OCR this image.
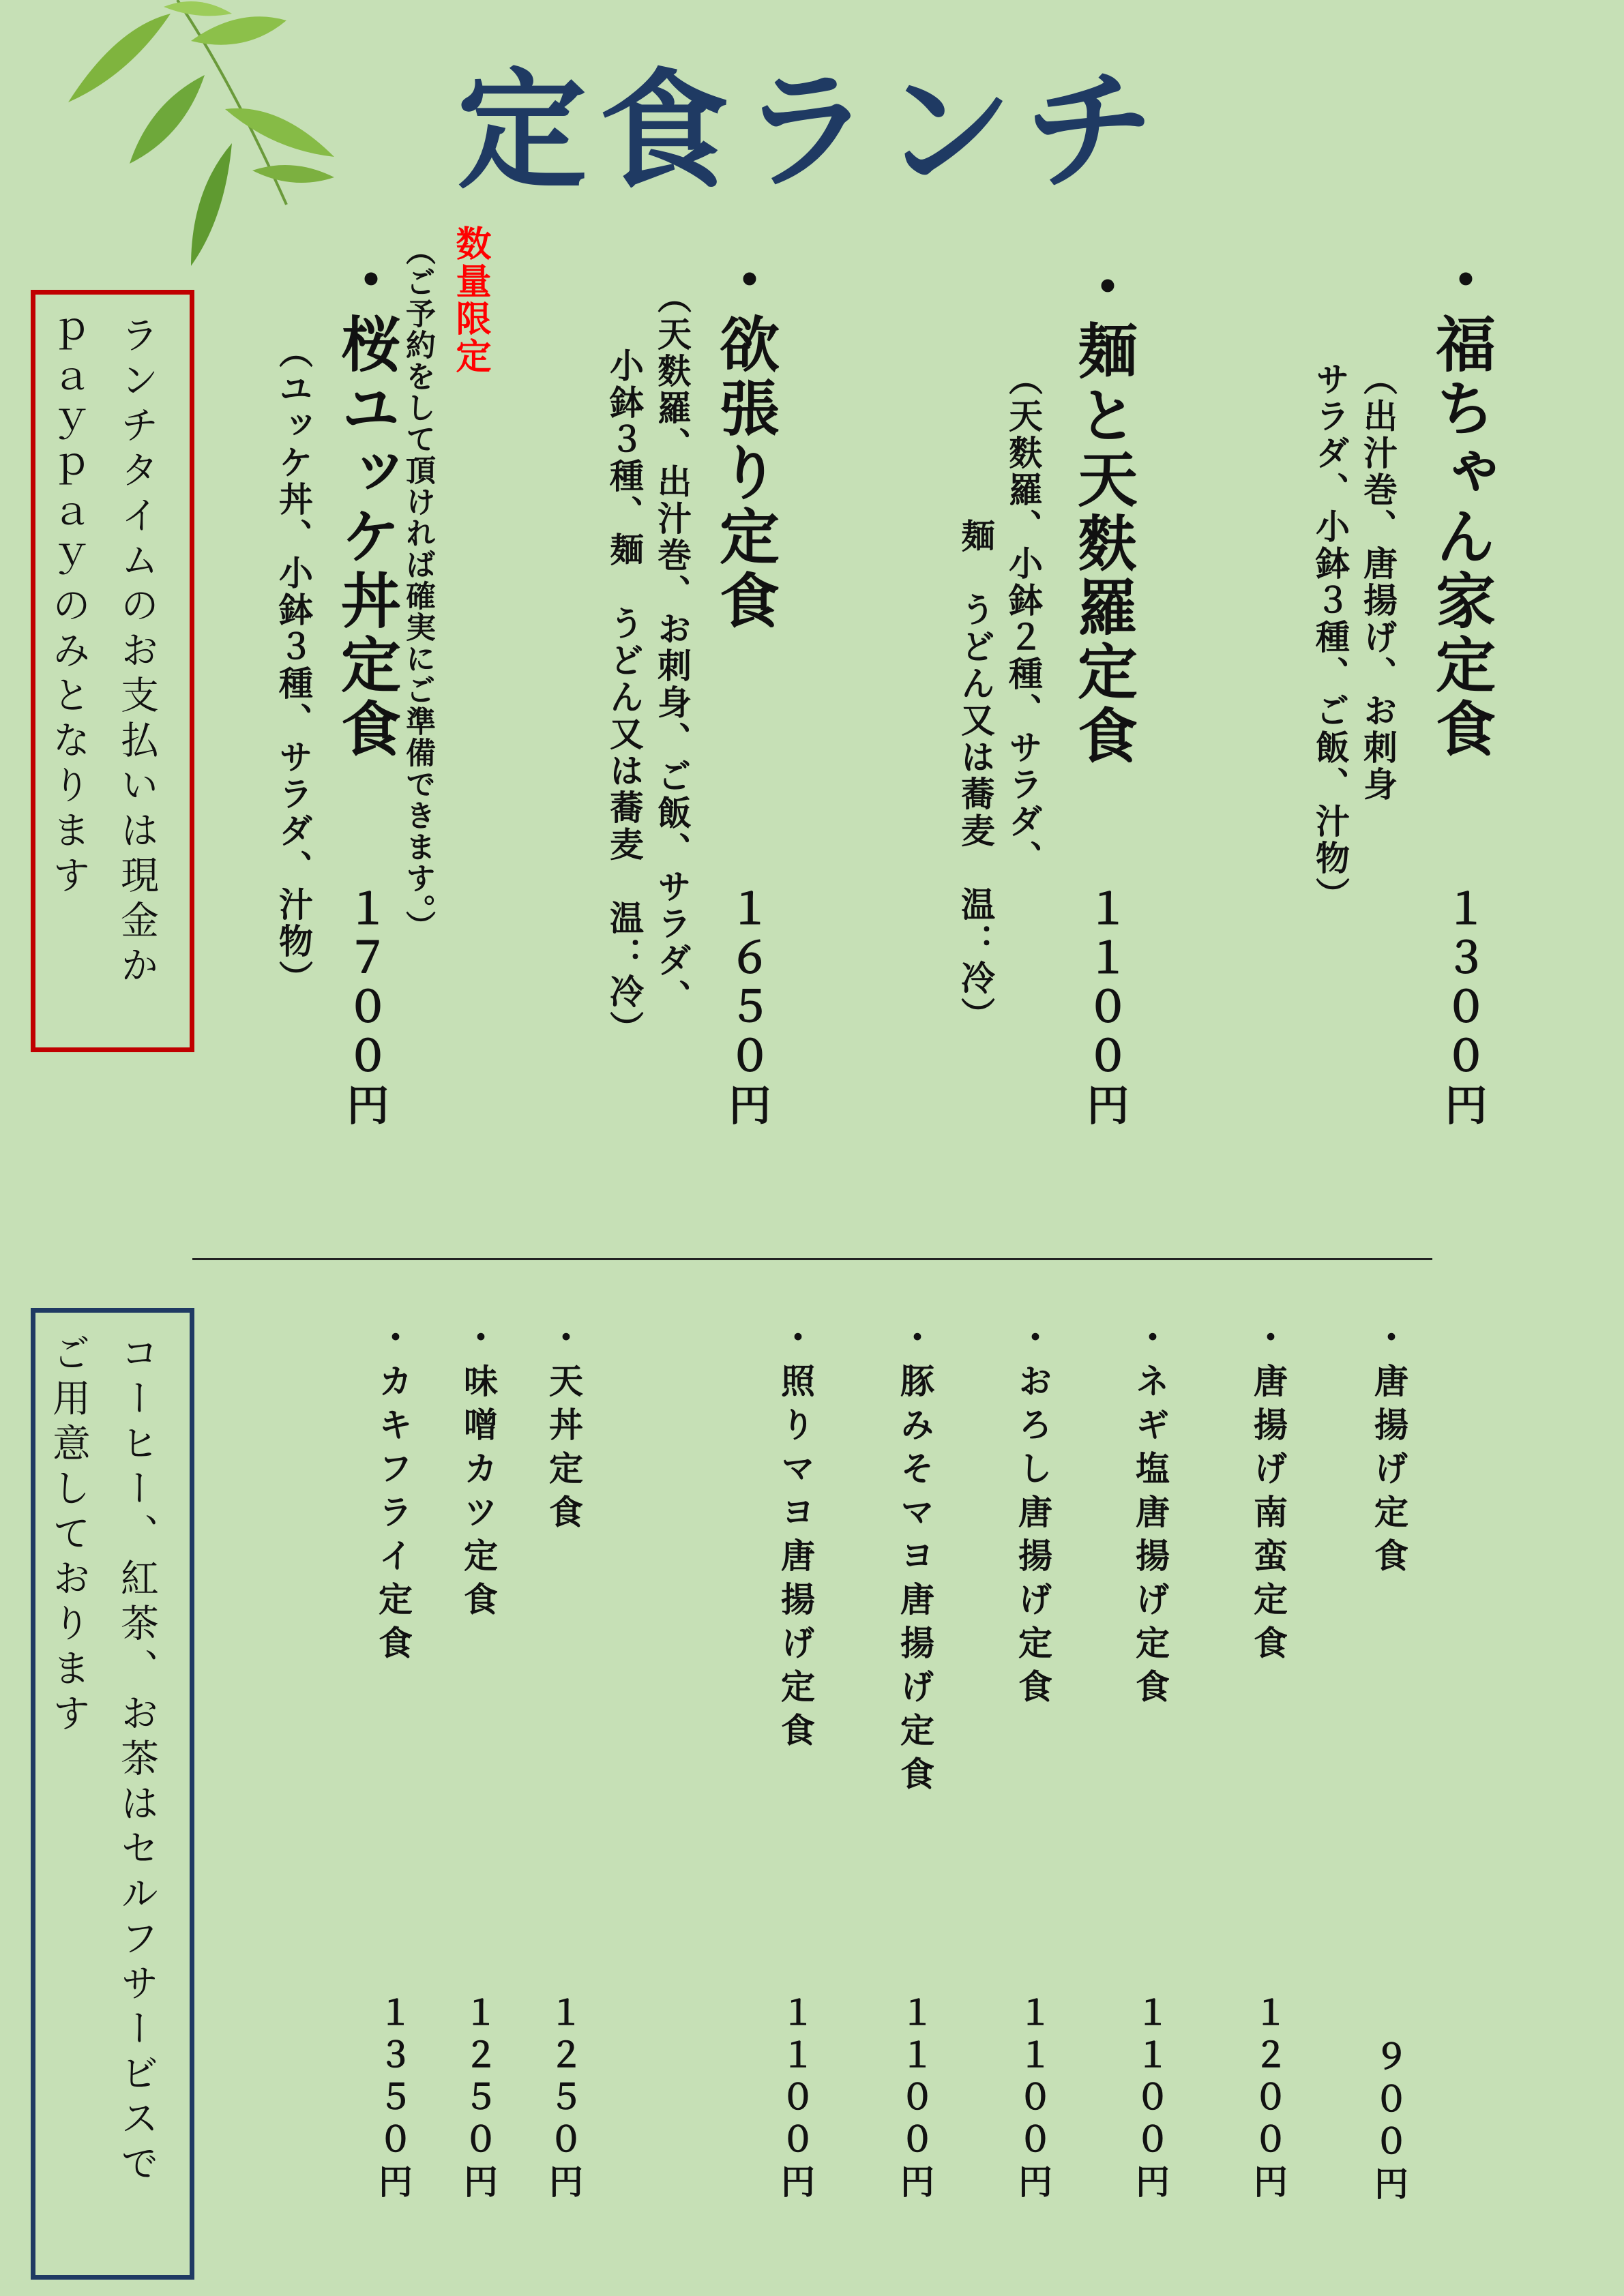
定食ランチ
・福ちゃん家定食
（出汁巻、唐揚げ、お刺身
サラダ、小鉢３種、ご飯、汁物）
１３００円
・麺と天麩羅定食
（天麩羅、小鉢２種、サラダ、
麺　うどん又は蕎麦　温：冷）	１１００円
・欲張り定食
（天麩羅、出汁巻、お刺身、ご飯、サラダ、
小鉢３種、麺　うどん又は蕎麦　温：冷）	１６５０円
数量限定
（ご予約をして頂ければ確実にご準備できます。）
・桜ユッケ丼定食
（ユッケ丼、小鉢３種、サラダ、汁物）
１７００円
ランチタイムのお支払いは現金か
ｐａｙｐａｙのみとなります
・唐揚げ定食
９００円
・唐揚げ南蛮定食
１２００円
・ネギ塩唐揚げ定食
１１００円
・おろし唐揚げ定食
１１００円
・豚みそマヨ唐揚げ定食
１１００円
・照りマヨ唐揚げ定食
１１００円
・天丼定食
１２５０円
・味噌カツ定食
１２５０円
・カキフライ定食
１３５０円
コーヒー、紅茶、お茶はセルフサービスで
ご用意しております
